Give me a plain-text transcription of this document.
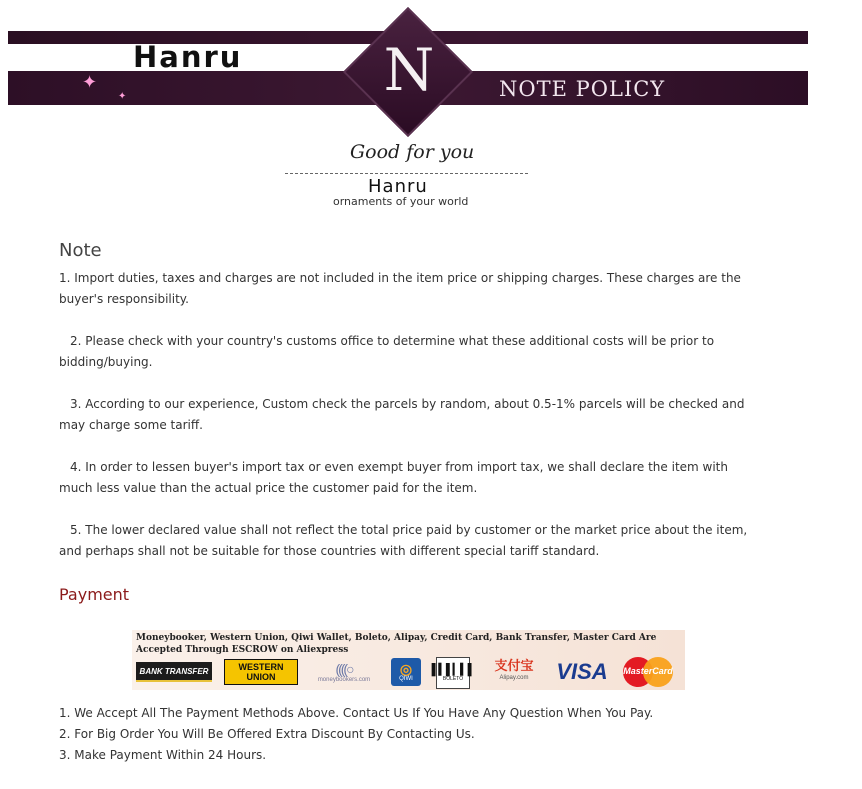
Hanru
✦
✦	N	NOTE POLICY
Good for you
Hanru
ornaments of your world
Note

1. Import duties, taxes and charges are not included in the item price or shipping charges. These charges are the buyer's responsibility.

2. Please check with your country's customs office to determine what these additional costs will be prior to bidding/buying.

3. According to our experience, Custom check the parcels by random, about 0.5-1% parcels will be checked and may charge some tariff.

4. In order to lessen buyer's import tax or even exempt buyer from import tax, we shall declare the item with much less value than the actual price the customer paid for the item.

5. The lower declared value shall not reflect the total price paid by customer or the market price about the item, and perhaps shall not be suitable for those countries with different special tariff standard.

Payment
Moneybooker, Western Union, Qiwi Wallet, Boleto, Alipay, Credit Card, Bank Transfer, Master Card Are
Accepted Through ESCROW on Aliexpress
BANK TRANSFER	WESTERN
UNION	((((○
moneybookers.com
◎
QIWI
▌▍▌▎▍▌
BOLETO
支付宝
Alipay.com VISA	MasterCard
1. We Accept All The Payment Methods Above. Contact Us If You Have Any Question When You Pay.
2. For Big Order You Will Be Offered Extra Discount By Contacting Us.
3. Make Payment Within 24 Hours.
